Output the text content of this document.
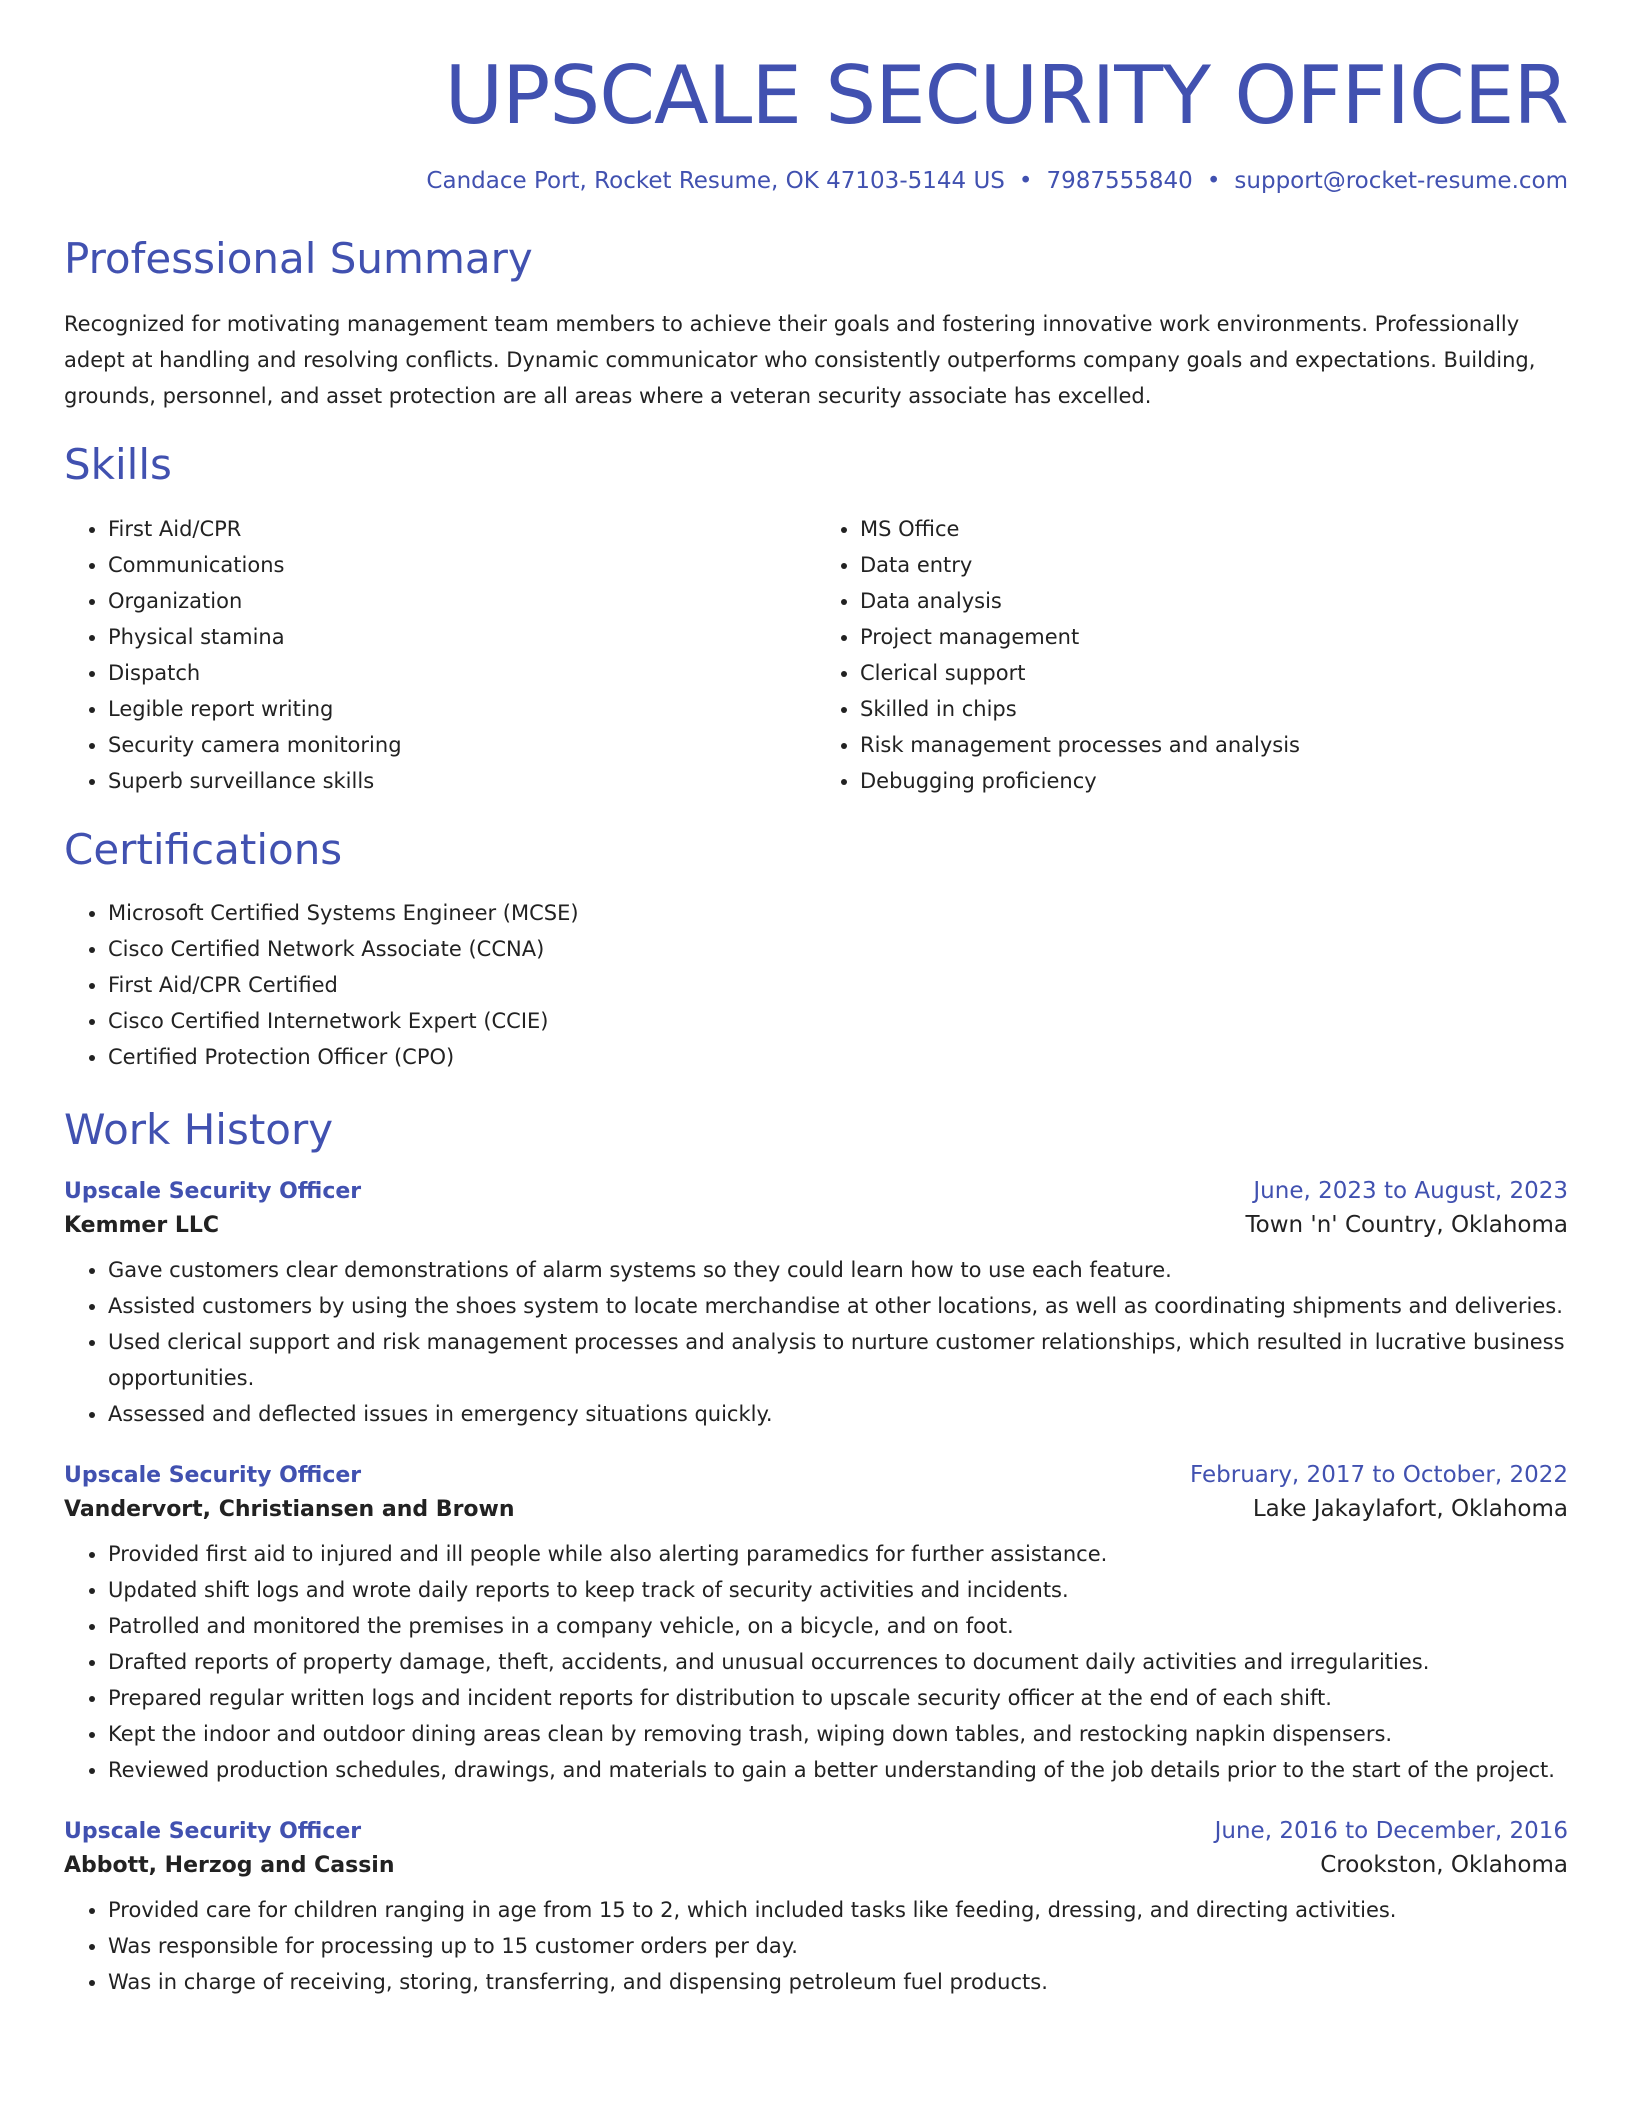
UPSCALE SECURITY OFFICER
Candace Port, Rocket Resume, OK 47103-5144 US • 7987555840 • support@rocket-resume.com
Professional Summary

Recognized for motivating management team members to achieve their goals and fostering innovative work environments. Professionally adept at handling and resolving conflicts. Dynamic communicator who consistently outperforms company goals and expectations. Building, grounds, personnel, and asset protection are all areas where a veteran security associate has excelled.

Skills
• First Aid/CPR
• Communications
• Organization
• Physical stamina
• Dispatch
• Legible report writing
• Security camera monitoring
• Superb surveillance skills
• MS Office
• Data entry
• Data analysis
• Project management
• Clerical support
• Skilled in chips
• Risk management processes and analysis
• Debugging proficiency
Certifications
• Microsoft Certified Systems Engineer (MCSE)
• Cisco Certified Network Associate (CCNA)
• First Aid/CPR Certified
• Cisco Certified Internetwork Expert (CCIE)
• Certified Protection Officer (CPO)
Work History
Upscale Security Officer	June, 2023 to August, 2023
Kemmer LLC	Town 'n' Country, Oklahoma
• Gave customers clear demonstrations of alarm systems so they could learn how to use each feature.
• Assisted customers by using the shoes system to locate merchandise at other locations, as well as coordinating shipments and deliveries.
• Used clerical support and risk management processes and analysis to nurture customer relationships, which resulted in lucrative business opportunities.
• Assessed and deflected issues in emergency situations quickly.
Upscale Security Officer	February, 2017 to October, 2022
Vandervort, Christiansen and Brown	Lake Jakaylafort, Oklahoma
• Provided first aid to injured and ill people while also alerting paramedics for further assistance.
• Updated shift logs and wrote daily reports to keep track of security activities and incidents.
• Patrolled and monitored the premises in a company vehicle, on a bicycle, and on foot.
• Drafted reports of property damage, theft, accidents, and unusual occurrences to document daily activities and irregularities.
• Prepared regular written logs and incident reports for distribution to upscale security officer at the end of each shift.
• Kept the indoor and outdoor dining areas clean by removing trash, wiping down tables, and restocking napkin dispensers.
• Reviewed production schedules, drawings, and materials to gain a better understanding of the job details prior to the start of the project.
Upscale Security Officer	June, 2016 to December, 2016
Abbott, Herzog and Cassin	Crookston, Oklahoma
• Provided care for children ranging in age from 15 to 2, which included tasks like feeding, dressing, and directing activities.
• Was responsible for processing up to 15 customer orders per day.
• Was in charge of receiving, storing, transferring, and dispensing petroleum fuel products.
